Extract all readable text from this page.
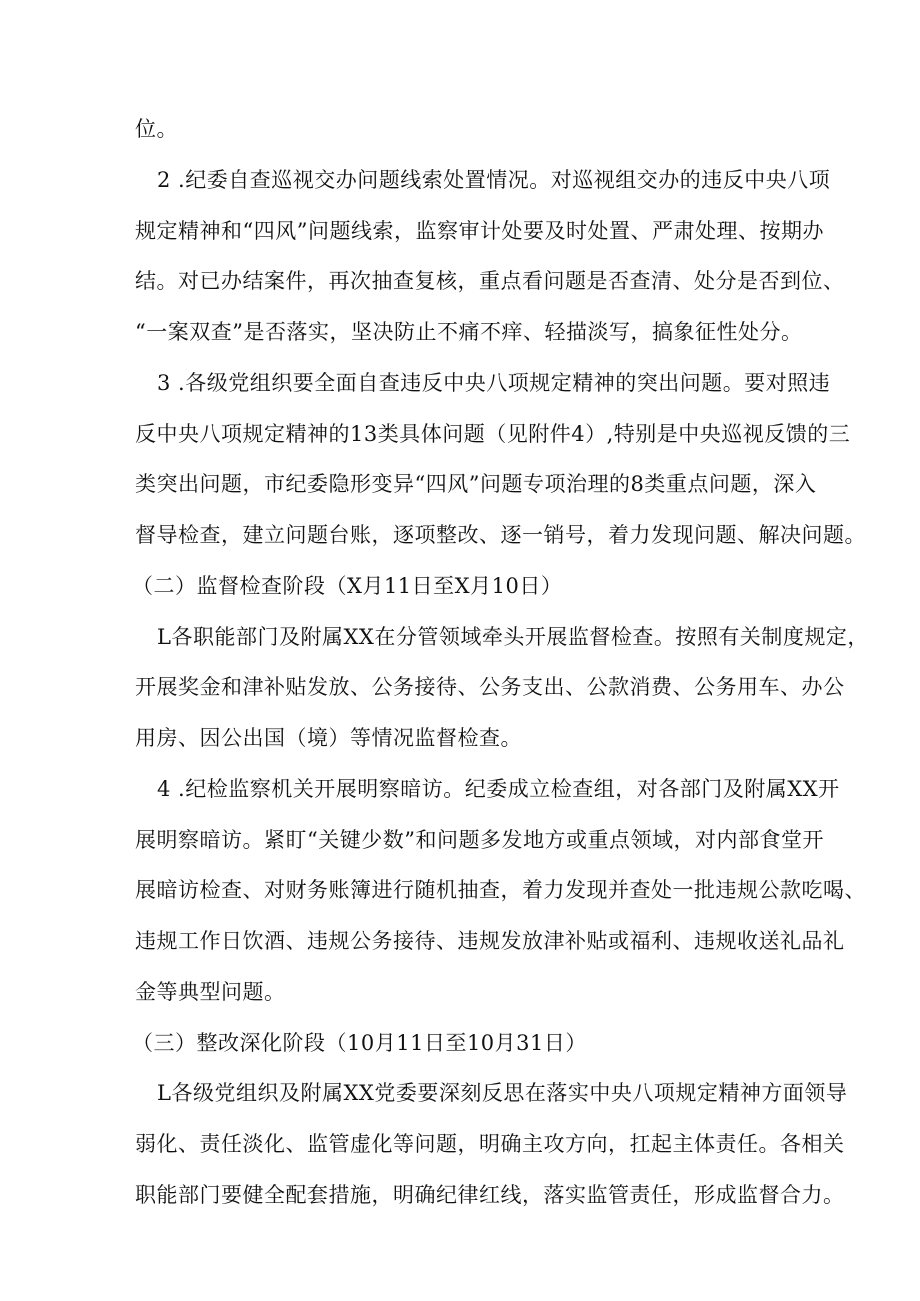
位。
2 .纪委自查巡视交办问题线索处置情况。对巡视组交办的违反中央八项
规定精神和“四风”问题线索，监察审计处要及时处置、严肃处理、按期办
结。对已办结案件，再次抽查复核，重点看问题是否查清、处分是否到位、
“一案双查”是否落实，坚决防止不痛不痒、轻描淡写，搞象征性处分。
3 .各级党组织要全面自查违反中央八项规定精神的突出问题。要对照违
反中央八项规定精神的13类具体问题（见附件4）,特别是中央巡视反馈的三
类突出问题，市纪委隐形变异“四风”问题专项治理的8类重点问题，深入
督导检查，建立问题台账，逐项整改、逐一销号，着力发现问题、解决问题。
（二）监督检查阶段（X月11日至X月10日）
L各职能部门及附属XX在分管领域牵头开展监督检查。按照有关制度规定，
开展奖金和津补贴发放、公务接待、公务支出、公款消费、公务用车、办公
用房、因公出国（境）等情况监督检查。
4 .纪检监察机关开展明察暗访。纪委成立检查组，对各部门及附属XX开
展明察暗访。紧盯“关键少数”和问题多发地方或重点领域，对内部食堂开
展暗访检查、对财务账簿进行随机抽查，着力发现并查处一批违规公款吃喝、
违规工作日饮酒、违规公务接待、违规发放津补贴或福利、违规收送礼品礼
金等典型问题。
（三）整改深化阶段（10月11日至10月31日）
L各级党组织及附属XX党委要深刻反思在落实中央八项规定精神方面领导
弱化、责任淡化、监管虚化等问题，明确主攻方向，扛起主体责任。各相关
职能部门要健全配套措施，明确纪律红线，落实监管责任，形成监督合力。
